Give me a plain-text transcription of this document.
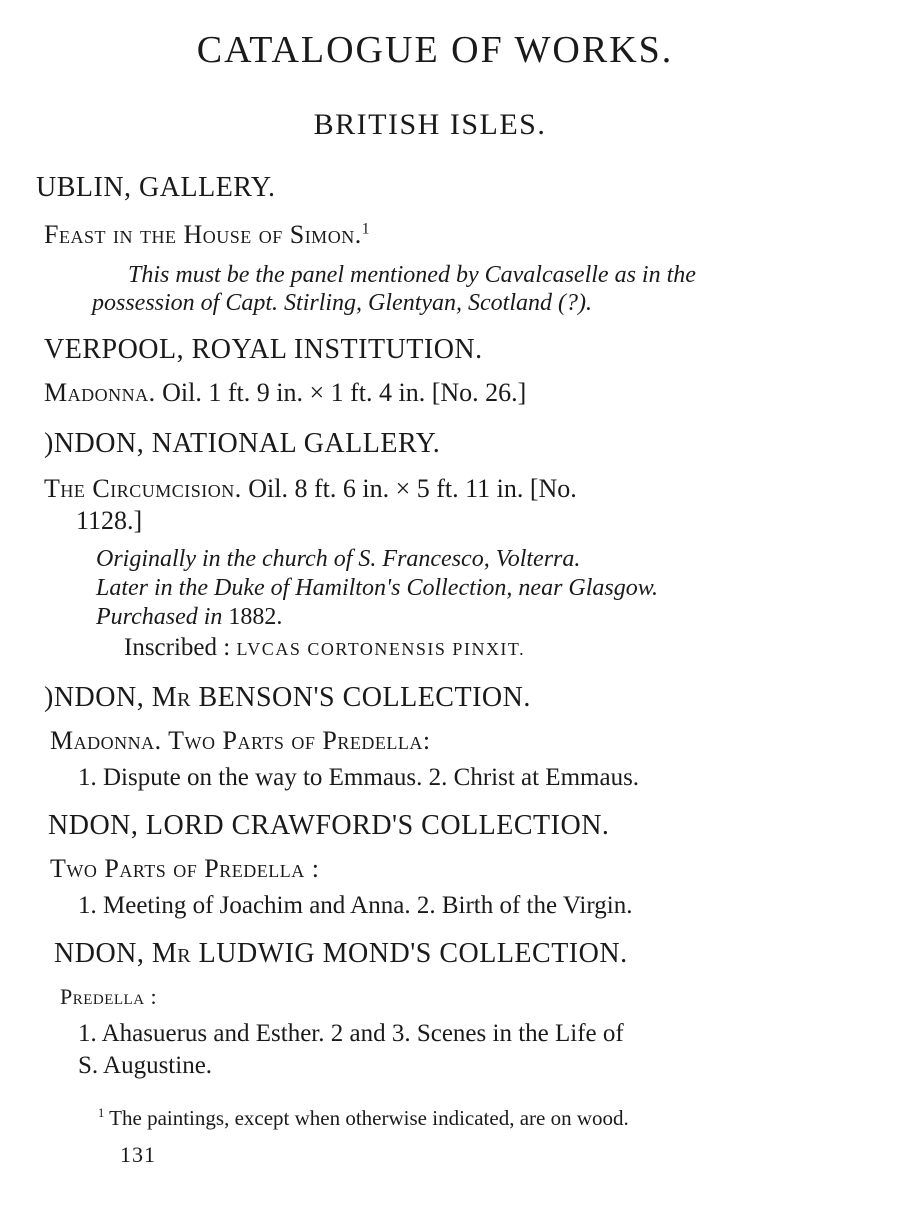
CATALOGUE OF WORKS.
BRITISH ISLES.
UBLIN, GALLERY.
Feast in the House of Simon.$^1$
This must be the panel mentioned by Cavalcaselle as in the
possession of Capt. Stirling, Glentyan, Scotland (?).
VERPOOL, ROYAL INSTITUTION.
Madonna. Oil. 1 ft. 9 in. × 1 ft. 4 in. [No. 26.]
)NDON, NATIONAL GALLERY.
The Circumcision. Oil. 8 ft. 6 in. × 5 ft. 11 in. [No.
1128.]
Originally in the church of S. Francesco, Volterra.
Later in the Duke of Hamilton's Collection, near Glasgow.
Purchased in 1882.
Inscribed : LVCAS CORTONENSIS PINXIT.
)NDON, Mr BENSON'S COLLECTION.
Madonna. Two Parts of Predella:
1. Dispute on the way to Emmaus. 2. Christ at Emmaus.
NDON, LORD CRAWFORD'S COLLECTION.
Two Parts of Predella :
1. Meeting of Joachim and Anna. 2. Birth of the Virgin.
NDON, Mr LUDWIG MOND'S COLLECTION.
Predella :
1. Ahasuerus and Esther. 2 and 3. Scenes in the Life of
S. Augustine.
$^1$ The paintings, except when otherwise indicated, are on wood.
131
